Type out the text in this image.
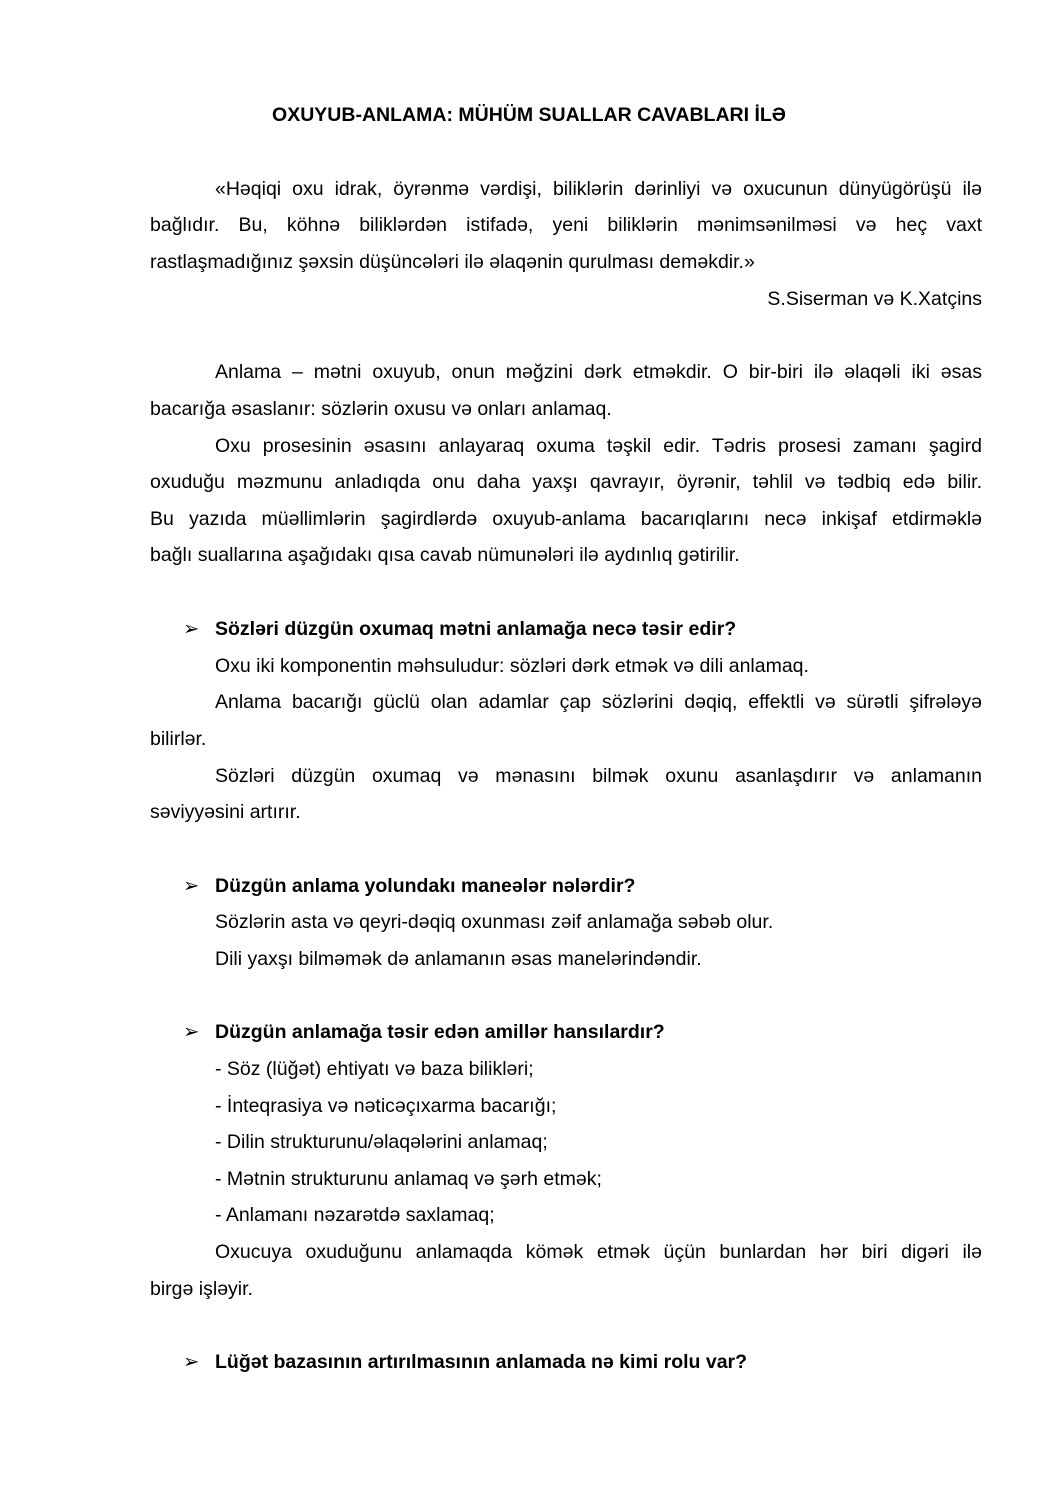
OXUYUB-ANLAMA: MÜHÜM SUALLAR CAVABLARI İLƏ
«Həqiqi oxu idrak, öyrənmə vərdişi, biliklərin dərinliyi və oxucunun dünyügörüşü ilə
bağlıdır. Bu, köhnə biliklərdən istifadə, yeni biliklərin mənimsənilməsi və heç vaxt
rastlaşmadığınız şəxsin düşüncələri ilə əlaqənin qurulması deməkdir.»
S.Siserman və K.Xatçins
Anlama – mətni oxuyub, onun məğzini dərk etməkdir. O bir-biri ilə əlaqəli iki əsas
bacarığa əsaslanır: sözlərin oxusu və onları anlamaq.
Oxu prosesinin əsasını anlayaraq oxuma təşkil edir. Tədris prosesi zamanı şagird
oxuduğu məzmunu anladıqda onu daha yaxşı qavrayır, öyrənir, təhlil və tədbiq edə bilir.
Bu yazıda müəllimlərin şagirdlərdə oxuyub-anlama bacarıqlarını necə inkişaf etdirməklə
bağlı suallarına aşağıdakı qısa cavab nümunələri ilə aydınlıq gətirilir.
➢ Sözləri düzgün oxumaq mətni anlamağa necə təsir edir?
Oxu iki komponentin məhsuludur: sözləri dərk etmək və dili anlamaq.
Anlama bacarığı güclü olan adamlar çap sözlərini dəqiq, effektli və sürətli şifrələyə
bilirlər.
Sözləri düzgün oxumaq və mənasını bilmək oxunu asanlaşdırır və anlamanın
səviyyəsini artırır.
➢ Düzgün anlama yolundakı maneələr nələrdir?
Sözlərin asta və qeyri-dəqiq oxunması zəif anlamağa səbəb olur.
Dili yaxşı bilməmək də anlamanın əsas manelərindəndir.
➢ Düzgün anlamağa təsir edən amillər hansılardır?
- Söz (lüğət) ehtiyatı və baza bilikləri;
- İnteqrasiya və nəticəçıxarma bacarığı;
- Dilin strukturunu/əlaqələrini anlamaq;
- Mətnin strukturunu anlamaq və şərh etmək;
- Anlamanı nəzarətdə saxlamaq;
Oxucuya oxuduğunu anlamaqda kömək etmək üçün bunlardan hər biri digəri ilə
birgə işləyir.
➢ Lüğət bazasının artırılmasının anlamada nə kimi rolu var?
